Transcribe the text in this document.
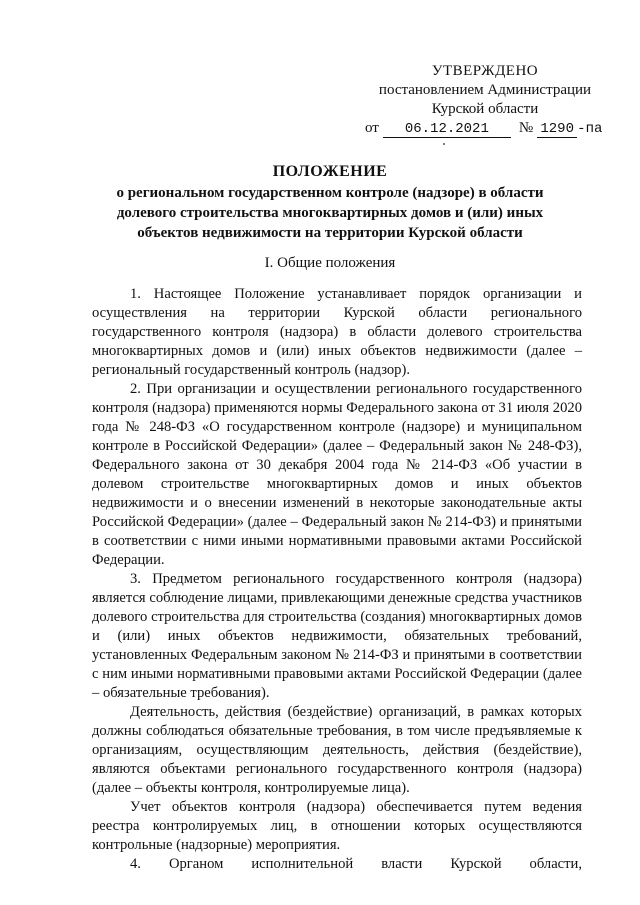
УТВЕРЖДЕНО
постановлением Администрации
Курской области
от	06.12.2021	№ 1290 -па
ПОЛОЖЕНИЕ
о региональном государственном контроле (надзоре) в области
долевого строительства многоквартирных домов и (или) иных
объектов недвижимости на территории Курской области
I. Общие положения

1. Настоящее Положение устанавливает порядок организации и осуществления на территории Курской области регионального государственного контроля (надзора) в области долевого строительства многоквартирных домов и (или) иных объектов недвижимости (далее – региональный государственный контроль (надзор).

2. При организации и осуществлении регионального государственного контроля (надзора) применяются нормы Федерального закона от 31 июля 2020 года № 248-ФЗ «О государственном контроле (надзоре) и муниципальном контроле в Российской Федерации» (далее – Федеральный закон № 248-ФЗ), Федерального закона от 30 декабря 2004 года № 214-ФЗ «Об участии в долевом строительстве многоквартирных домов и иных объектов недвижимости и о внесении изменений в некоторые законодательные акты Российской Федерации» (далее – Федеральный закон № 214-ФЗ) и принятыми в соответствии с ними иными нормативными правовыми актами Российской Федерации.

3. Предметом регионального государственного контроля (надзора) является соблюдение лицами, привлекающими денежные средства участников долевого строительства для строительства (создания) многоквартирных домов и (или) иных объектов недвижимости, обязательных требований, установленных Федеральным законом № 214-ФЗ и принятыми в соответствии с ним иными нормативными правовыми актами Российской Федерации (далее – обязательные требования).

Деятельность, действия (бездействие) организаций, в рамках которых должны соблюдаться обязательные требования, в том числе предъявляемые к организациям, осуществляющим деятельность, действия (бездействие), являются объектами регионального государственного контроля (надзора) (далее – объекты контроля, контролируемые лица).

Учет объектов контроля (надзора) обеспечивается путем ведения реестра контролируемых лиц, в отношении которых осуществляются контрольные (надзорные) мероприятия.

4. Органом исполнительной власти Курской области,
